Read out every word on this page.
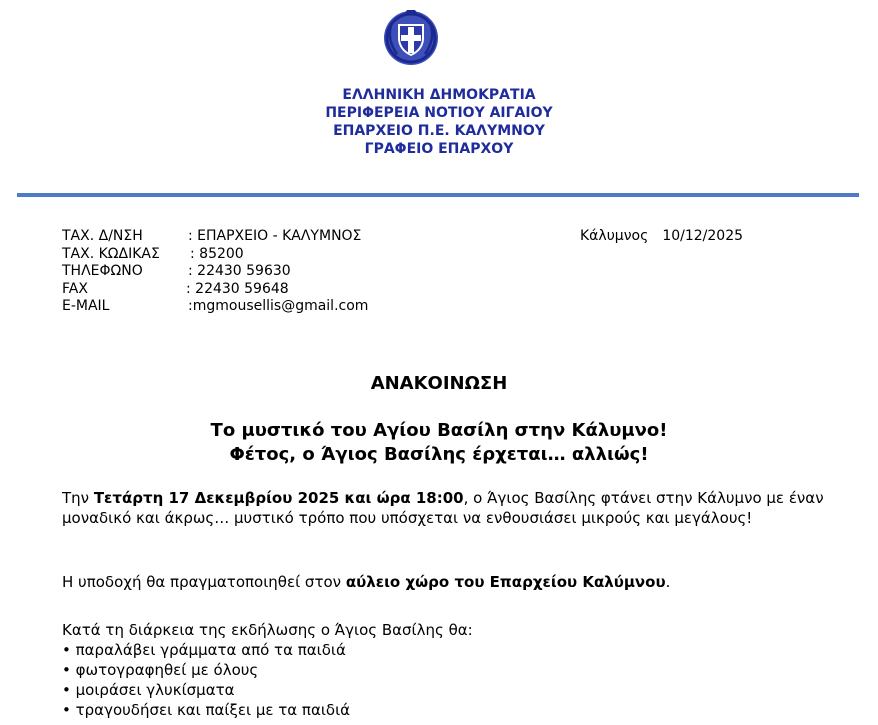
ΕΛΛΗΝΙΚΗ ΔΗΜΟΚΡΑΤΙΑ
ΠΕΡΙΦΕΡΕΙΑ ΝΟΤΙΟΥ ΑΙΓΑΙΟΥ
ΕΠΑΡΧΕΙΟ Π.Ε. ΚΑΛΥΜΝΟΥ
ΓΡΑΦΕΙΟ ΕΠΑΡΧΟΥ
ΤΑΧ. Δ/ΝΣΗ	: ΕΠΑΡΧΕΙΟ - ΚΑΛΥΜΝΟΣ
ΤΑΧ. ΚΩΔΙΚΑΣ : 85200
ΤΗΛΕΦΩΝΟ	: 22430 59630
FAX	: 22430 59648
E-MAIL	:mgmousellis@gmail.com
Κάλυμνος 10/12/2025
ΑΝΑΚΟΙΝΩΣΗ
Το μυστικό του Αγίου Βασίλη στην Κάλυμνο!
Φέτος, ο Άγιος Βασίλης έρχεται… αλλιώς!
Την Τετάρτη 17 Δεκεμβρίου 2025 και ώρα 18:00, ο Άγιος Βασίλης φτάνει στην Κάλυμνο με έναν μοναδικό και άκρως… μυστικό τρόπο που υπόσχεται να ενθουσιάσει μικρούς και μεγάλους!
Η υποδοχή θα πραγματοποιηθεί στον αύλειο χώρο του Επαρχείου Καλύμνου.
Κατά τη διάρκεια της εκδήλωσης ο Άγιος Βασίλης θα:
• παραλάβει γράμματα από τα παιδιά
• φωτογραφηθεί με όλους
• μοιράσει γλυκίσματα
• τραγουδήσει και παίξει με τα παιδιά
